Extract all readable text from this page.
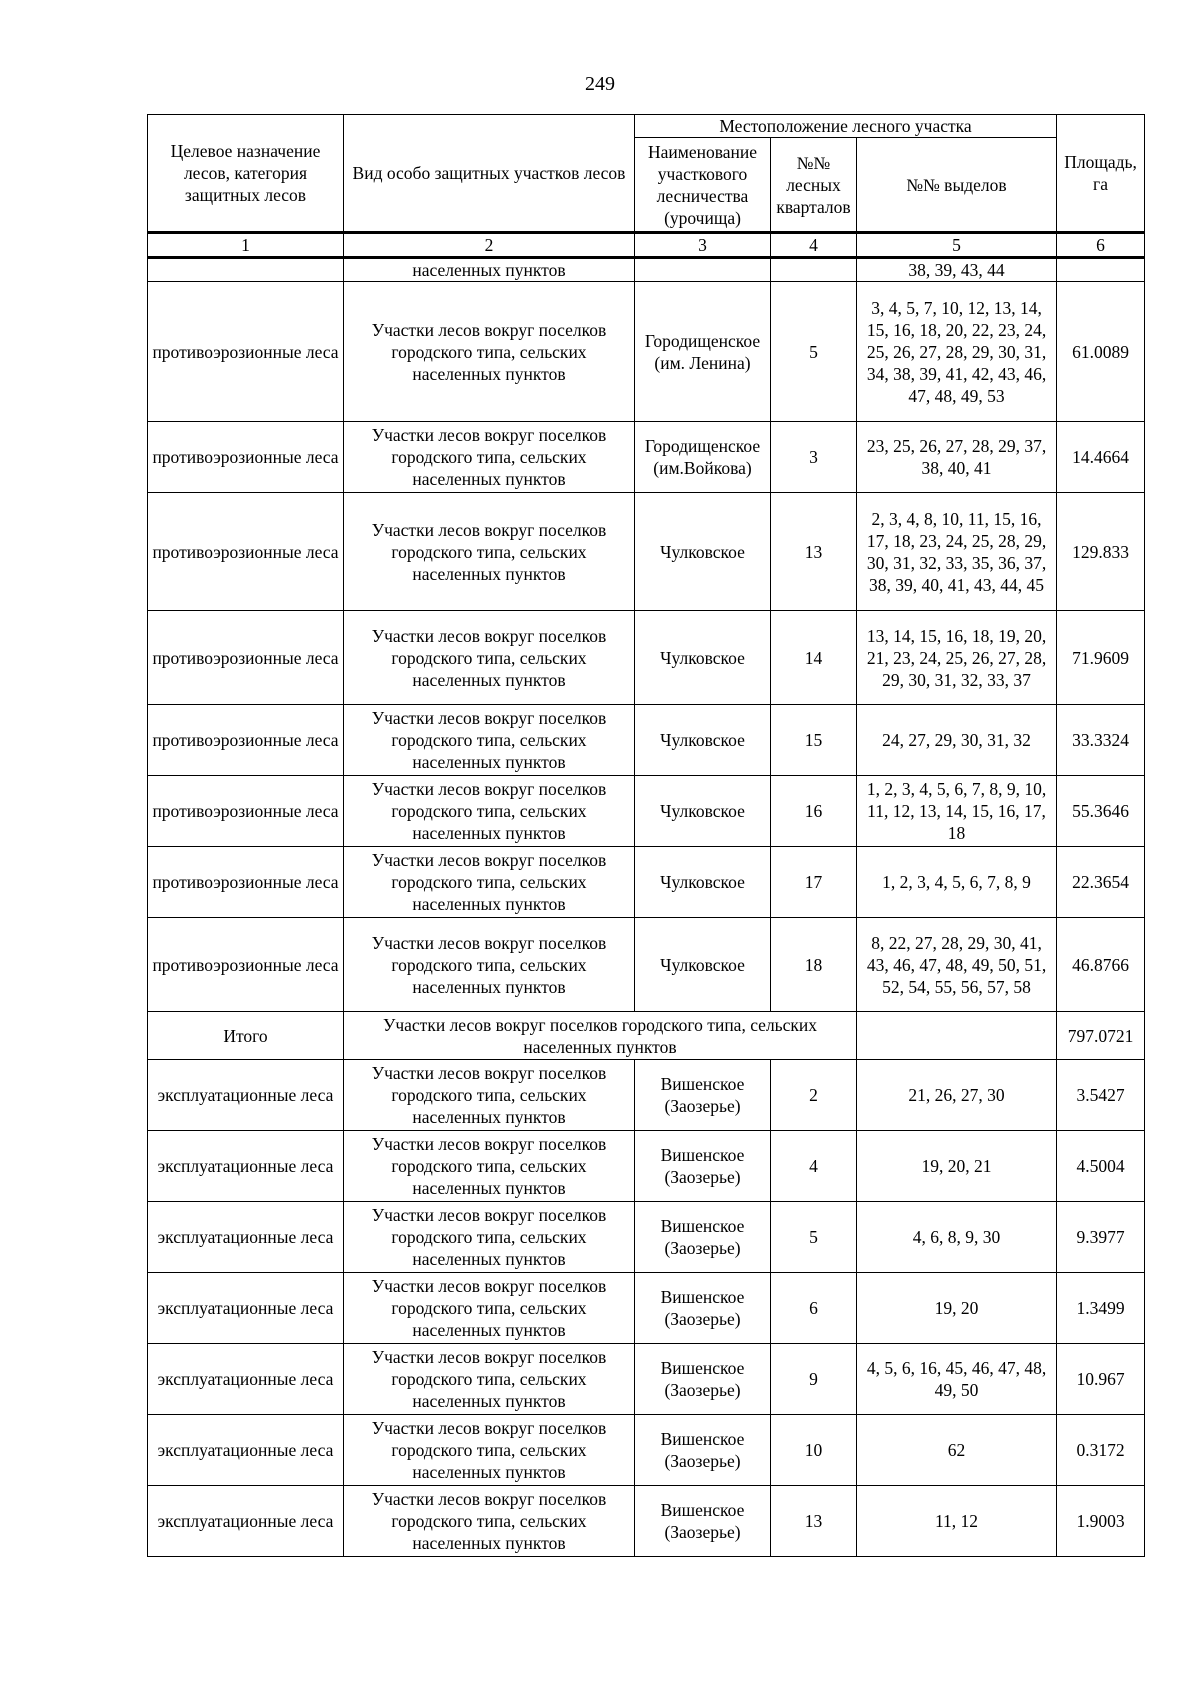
249
Целевое назначение лесов, категория защитных лесов	Вид особо защитных участков лесов	Местоположение лесного участка			Площадь, га
		Наименование участкового лесничества (урочища)	№№ лесных кварталов	№№ выделов	
1	2	3	4	5	6
	населенных пунктов			38, 39, 43, 44	
противоэрозионные леса	Участки лесов вокруг поселков городского типа, сельских населенных пунктов	Городищенское (им. Ленина)	5	3, 4, 5, 7, 10, 12, 13, 14, 15, 16, 18, 20, 22, 23, 24, 25, 26, 27, 28, 29, 30, 31, 34, 38, 39, 41, 42, 43, 46, 47, 48, 49, 53	61.0089
противоэрозионные леса	Участки лесов вокруг поселков городского типа, сельских населенных пунктов	Городищенское (им.Войкова)	3	23, 25, 26, 27, 28, 29, 37, 38, 40, 41	14.4664
противоэрозионные леса	Участки лесов вокруг поселков городского типа, сельских населенных пунктов	Чулковское	13	2, 3, 4, 8, 10, 11, 15, 16, 17, 18, 23, 24, 25, 28, 29, 30, 31, 32, 33, 35, 36, 37, 38, 39, 40, 41, 43, 44, 45	129.833
противоэрозионные леса	Участки лесов вокруг поселков городского типа, сельских населенных пунктов	Чулковское	14	13, 14, 15, 16, 18, 19, 20, 21, 23, 24, 25, 26, 27, 28, 29, 30, 31, 32, 33, 37	71.9609
противоэрозионные леса	Участки лесов вокруг поселков городского типа, сельских населенных пунктов	Чулковское	15	24, 27, 29, 30, 31, 32	33.3324
противоэрозионные леса	Участки лесов вокруг поселков городского типа, сельских населенных пунктов	Чулковское	16	1, 2, 3, 4, 5, 6, 7, 8, 9, 10, 11, 12, 13, 14, 15, 16, 17, 18	55.3646
противоэрозионные леса	Участки лесов вокруг поселков городского типа, сельских населенных пунктов	Чулковское	17	1, 2, 3, 4, 5, 6, 7, 8, 9	22.3654
противоэрозионные леса	Участки лесов вокруг поселков городского типа, сельских населенных пунктов	Чулковское	18	8, 22, 27, 28, 29, 30, 41, 43, 46, 47, 48, 49, 50, 51, 52, 54, 55, 56, 57, 58	46.8766
Итого	Участки лесов вокруг поселков городского типа, сельских населенных пунктов				797.0721
эксплуатационные леса	Участки лесов вокруг поселков городского типа, сельских населенных пунктов	Вишенское (Заозерье)	2	21, 26, 27, 30	3.5427
эксплуатационные леса	Участки лесов вокруг поселков городского типа, сельских населенных пунктов	Вишенское (Заозерье)	4	19, 20, 21	4.5004
эксплуатационные леса	Участки лесов вокруг поселков городского типа, сельских населенных пунктов	Вишенское (Заозерье)	5	4, 6, 8, 9, 30	9.3977
эксплуатационные леса	Участки лесов вокруг поселков городского типа, сельских населенных пунктов	Вишенское (Заозерье)	6	19, 20	1.3499
эксплуатационные леса	Участки лесов вокруг поселков городского типа, сельских населенных пунктов	Вишенское (Заозерье)	9	4, 5, 6, 16, 45, 46, 47, 48, 49, 50	10.967
эксплуатационные леса	Участки лесов вокруг поселков городского типа, сельских населенных пунктов	Вишенское (Заозерье)	10	62	0.3172
эксплуатационные леса	Участки лесов вокруг поселков городского типа, сельских населенных пунктов	Вишенское (Заозерье)	13	11, 12	1.9003
